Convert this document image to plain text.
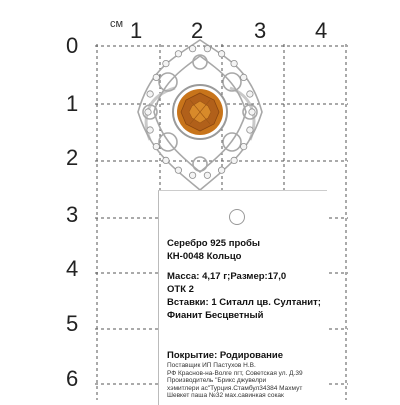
см
0
1 2 3 4
1
2
3
4
5
6
Серебро 925 пробы
КН-0048 Кольцо
Масса: 4,17 г;Размер:17,0
ОТК 2
Вставки: 1 Ситалл цв. Султанит;
Фианит Бесцветный
Покрытие: Родирование
Поставщик ИП Пастухов Н.В.
РФ Краснов-на-Волге пгт, Советская ул. Д.39
Производитель "Брикс джувелри
хэмитлери ас"Турция.Стамбул34384 Махмут
Шевкет паша №32 мах.савинкая сокак
